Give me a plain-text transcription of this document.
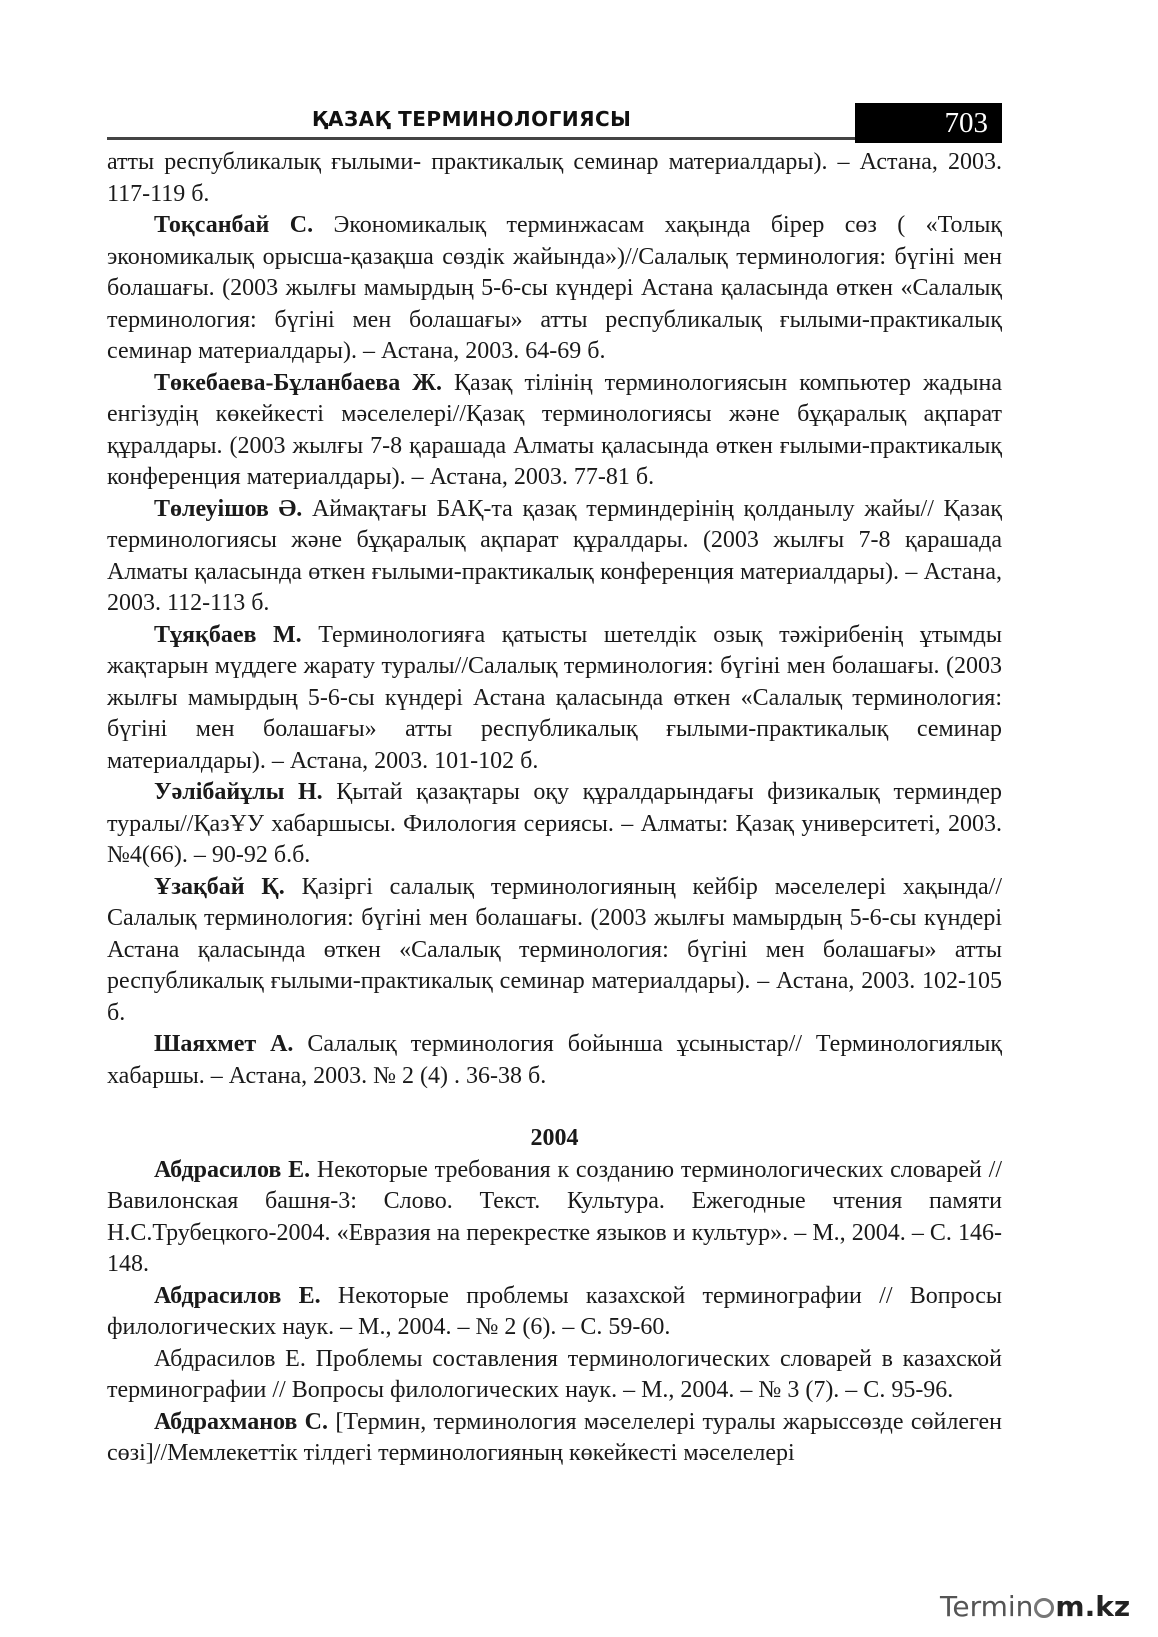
ҚАЗАҚ ТЕРМИНОЛОГИЯСЫ	703

атты республикалық ғылыми- практикалық семинар материалдары). – Астана, 2003. 117-119 б.

Тоқсанбай С. Экономикалық терминжасам хақында бірер сөз ( «Толық экономикалық орысша-қазақша сөздік жайында»)//Салалық терминология: бүгіні мен болашағы. (2003 жылғы мамырдың 5-6-сы күндері Астана қаласында өткен «Салалық терминология: бүгіні мен болашағы» атты республикалық ғылыми-практикалық семинар материалдары). – Астана, 2003. 64-69 б.

Төкебаева-Бұланбаева Ж. Қазақ тілінің терминологиясын компьютер жадына енгізудің көкейкесті мәселелері//Қазақ терминологиясы және бұқаралық ақпарат құралдары. (2003 жылғы 7-8 қарашада Алматы қаласында өткен ғылыми-практикалық конференция материалдары). – Астана, 2003. 77-81 б.

Төлеуішов Ә. Аймақтағы БАҚ-та қазақ терминдерінің қолданылу жайы// Қазақ терминологиясы және бұқаралық ақпарат құралдары. (2003 жылғы 7-8 қарашада Алматы қаласында өткен ғылыми-практикалық конференция материалдары). – Астана, 2003. 112-113 б.

Тұяқбаев М. Терминологияға қатысты шетелдік озық тәжірибенің ұтымды жақтарын мүддеге жарату туралы//Салалық терминология: бүгіні мен болашағы. (2003 жылғы мамырдың 5-6-сы күндері Астана қаласында өткен «Салалық терминология: бүгіні мен болашағы» атты республикалық ғылыми-практикалық семинар материалдары). – Астана, 2003. 101-102 б.

Уәлібайұлы Н. Қытай қазақтары оқу құралдарындағы физикалық терминдер туралы//ҚазҰУ хабаршысы. Филология сериясы. – Алматы: Қазақ университеті, 2003. №4(66). – 90-92 б.б.

Ұзақбай Қ. Қазіргі салалық терминологияның кейбір мәселелері хақында// Салалық терминология: бүгіні мен болашағы. (2003 жылғы мамырдың 5-6-сы күндері Астана қаласында өткен «Салалық терминология: бүгіні мен болашағы» атты республикалық ғылыми-практикалық семинар материалдары). – Астана, 2003. 102-105 б.

Шаяхмет А. Салалық терминология бойынша ұсыныстар// Терминологиялық хабаршы. – Астана, 2003. № 2 (4) . 36-38 б.

2004

Абдрасилов Е. Некоторые требования к созданию терминологических словарей // Вавилонская башня-3: Слово. Текст. Культура. Ежегодные чтения памяти Н.С.Трубецкого-2004. «Евразия на перекрестке языков и культур». – М., 2004. – С. 146-148.

Абдрасилов Е. Некоторые проблемы казахской терминографии // Вопросы филологических наук. – М., 2004. – № 2 (6). – С. 59-60.

Абдрасилов Е. Проблемы составления терминологических словарей в казахской терминографии // Вопросы филологических наук. – М., 2004. – № 3 (7). – С. 95-96.

Абдрахманов С. [Термин, терминология мәселелері туралы жарыссөзде сөйлеген сөзі]//Мемлекеттік тілдегі терминологияның көкейкесті мәселелері

Termin m.kz
